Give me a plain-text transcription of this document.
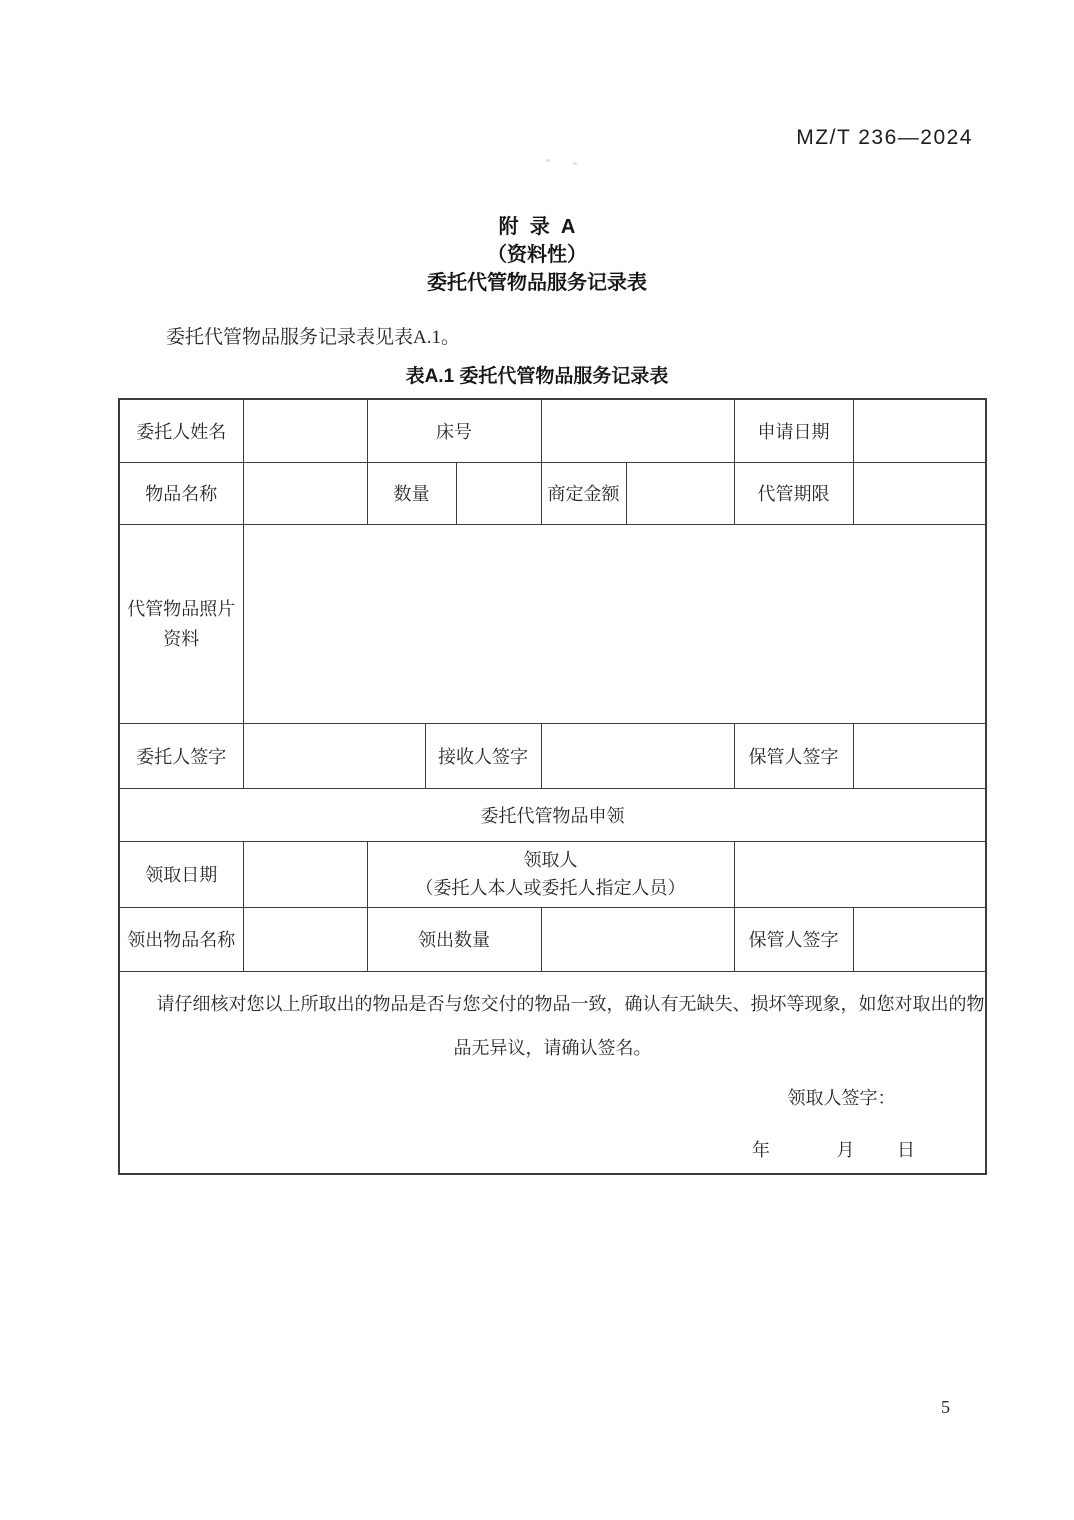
MZ/T 236—2024
附  录  A
（资料性）
委托代管物品服务记录表
委托代管物品服务记录表见表A.1。
表A.1 委托代管物品服务记录表
委托人姓名		床号					申请日期	
物品名称		数量			商定金额		代管期限	

代管物品照片
资料								

委托人签字			接收人签字				保管人签字	
委托代管物品申领								
领取日期		领取人
（委托人本人或委托人指定人员）						

领出物品名称		领出数量					保管人签字	

请仔细核对您以上所取出的物品是否与您交付的物品一致，确认有无缺失、损坏等现象，如您对取出的物品无异议，请确认签名。
领取人签字：
年 月 日								
5
